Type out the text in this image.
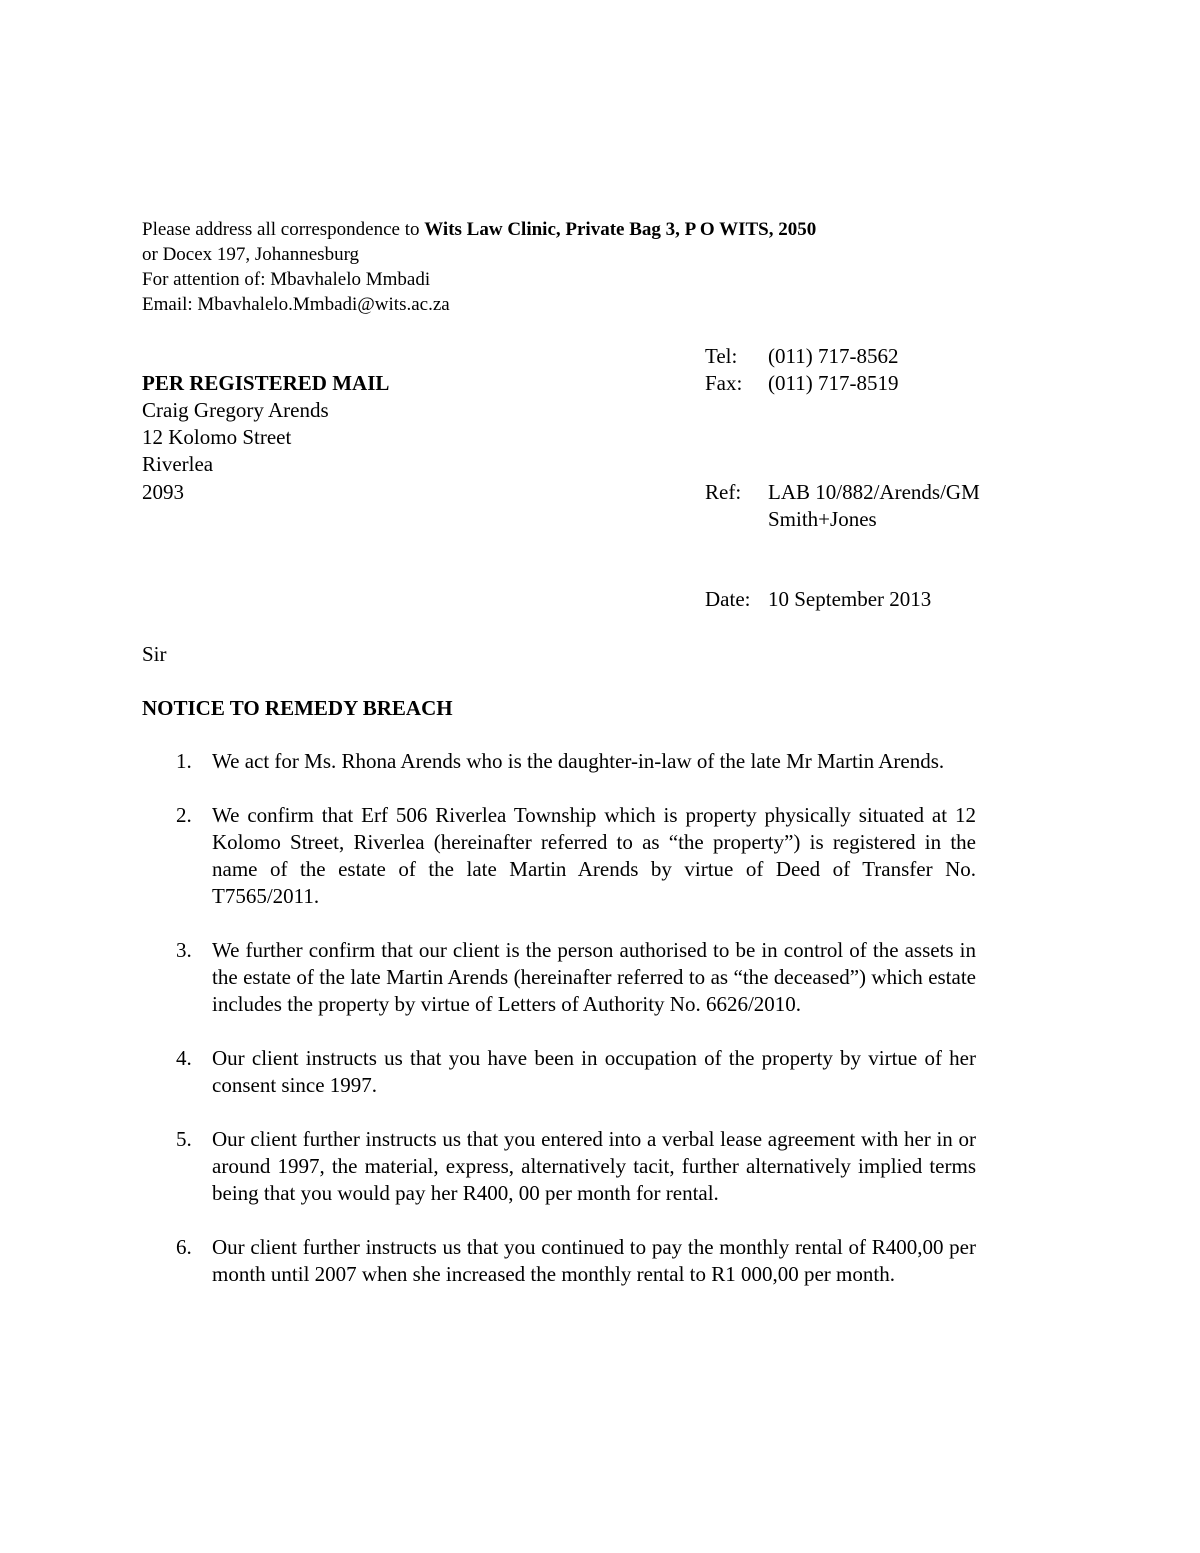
Please address all correspondence to Wits Law Clinic, Private Bag 3, P O WITS, 2050
or Docex 197, Johannesburg
For attention of: Mbavhalelo Mmbadi
Email: Mbavhalelo.Mmbadi@wits.ac.za
Tel: (011) 717-8562
Fax: (011) 717-8519
PER REGISTERED MAIL
Craig Gregory Arends
12 Kolomo Street
Riverlea
2093	Ref: LAB 10/882/Arends/GM
Smith+Jones
Date: 10 September 2013
Sir
NOTICE TO REMEDY BREACH
1. We act for Ms. Rhona Arends who is the daughter-in-law of the late Mr Martin Arends.
2. We confirm that Erf 506 Riverlea Township which is property physically situated at 12 Kolomo Street, Riverlea (hereinafter referred to as “the property”) is registered in the name of the estate of the late Martin Arends by virtue of Deed of Transfer No. T7565/2011.
3. We further confirm that our client is the person authorised to be in control of the assets in the estate of the late Martin Arends (hereinafter referred to as “the deceased”) which estate includes the property by virtue of Letters of Authority No. 6626/2010.
4. Our client instructs us that you have been in occupation of the property by virtue of her consent since 1997.
5. Our client further instructs us that you entered into a verbal lease agreement with her in or around 1997, the material, express, alternatively tacit, further alternatively implied terms being that you would pay her R400, 00 per month for rental.
6. Our client further instructs us that you continued to pay the monthly rental of R400,00 per month until 2007 when she increased the monthly rental to R1 000,00 per month.
